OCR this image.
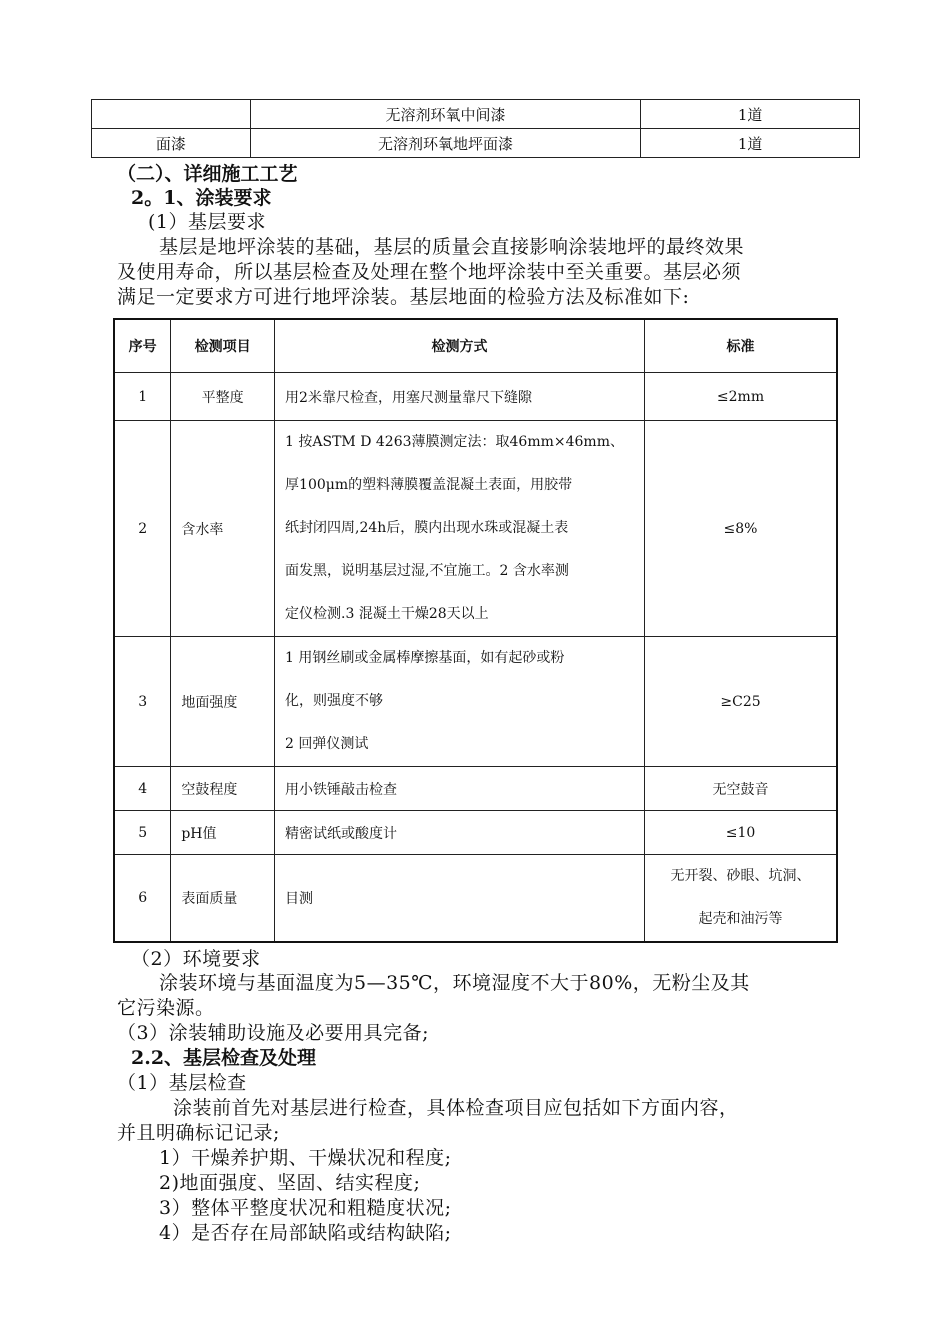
	无溶剂环氧中间漆	1道
面漆	无溶剂环氧地坪面漆	1道
（二）、详细施工工艺
2。1、涂装要求
(1）基层要求
基层是地坪涂装的基础，基层的质量会直接影响涂装地坪的最终效果
及使用寿命，所以基层检查及处理在整个地坪涂装中至关重要。基层必须
满足一定要求方可进行地坪涂装。基层地面的检验方法及标准如下:
序号	检测项目	检测方式	标准
1	平整度	用2米靠尺检查，用塞尺测量靠尺下缝隙	≤2mm
2	含水率	1 按ASTM D 4263薄膜测定法：取46mm×46mm、
厚100μm的塑料薄膜覆盖混凝土表面，用胶带
纸封闭四周,24h后，膜内出现水珠或混凝土表
面发黑，说明基层过湿,不宜施工。2 含水率测
定仪检测.3 混凝土干燥28天以上	≤8%
3	地面强度	1 用钢丝刷或金属棒摩擦基面，如有起砂或粉
化，则强度不够
2 回弹仪测试	≥C25
4	空鼓程度	用小铁锤敲击检查	无空鼓音
5	pH值	精密试纸或酸度计	≤10
6	表面质量	目测	无开裂、砂眼、坑洞、
起壳和油污等
（2）环境要求
涂装环境与基面温度为5—35℃，环境湿度不大于80%，无粉尘及其
它污染源。
（3）涂装辅助设施及必要用具完备;
2.2、基层检查及处理
（1）基层检查
涂装前首先对基层进行检查，具体检查项目应包括如下方面内容，
并且明确标记记录;
1）干燥养护期、干燥状况和程度;
2)地面强度、坚固、结实程度;
3）整体平整度状况和粗糙度状况;
4）是否存在局部缺陷或结构缺陷;
